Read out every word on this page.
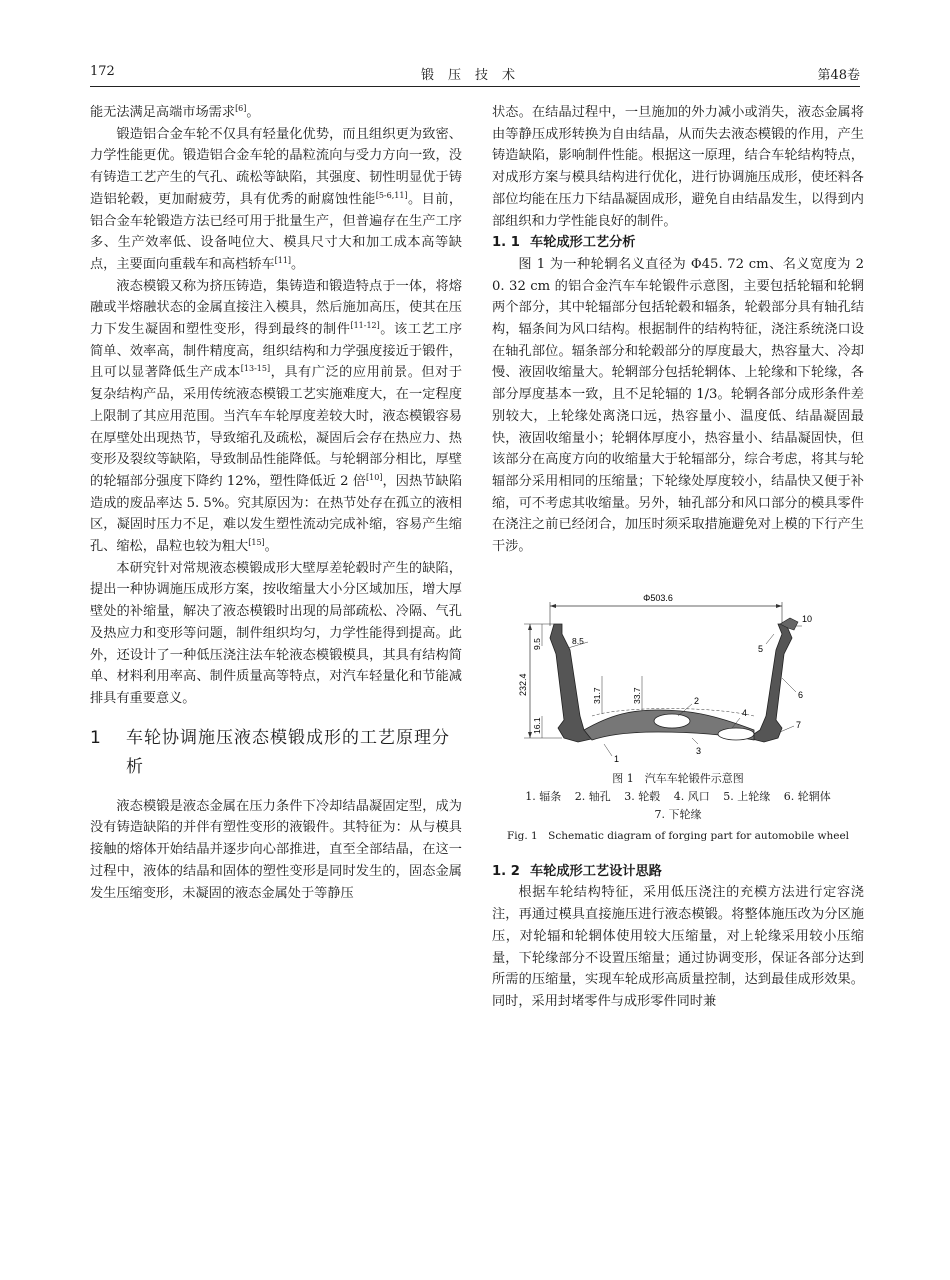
172	锻压技术	第48卷

能无法满足高端市场需求[6]。

锻造铝合金车轮不仅具有轻量化优势，而且组织更为致密、力学性能更优。锻造铝合金车轮的晶粒流向与受力方向一致，没有铸造工艺产生的气孔、疏松等缺陷，其强度、韧性明显优于铸造铝轮毂，更加耐疲劳，具有优秀的耐腐蚀性能[5-6,11]。目前，铝合金车轮锻造方法已经可用于批量生产，但普遍存在生产工序多、生产效率低、设备吨位大、模具尺寸大和加工成本高等缺点，主要面向重载车和高档轿车[11]。

液态模锻又称为挤压铸造，集铸造和锻造特点于一体，将熔融或半熔融状态的金属直接注入模具，然后施加高压，使其在压力下发生凝固和塑性变形，得到最终的制件[11-12]。该工艺工序简单、效率高，制件精度高，组织结构和力学强度接近于锻件，且可以显著降低生产成本[13-15]，具有广泛的应用前景。但对于复杂结构产品，采用传统液态模锻工艺实施难度大，在一定程度上限制了其应用范围。当汽车车轮厚度差较大时，液态模锻容易在厚壁处出现热节，导致缩孔及疏松，凝固后会存在热应力、热变形及裂纹等缺陷，导致制品性能降低。与轮辋部分相比，厚壁的轮辐部分强度下降约 12%，塑性降低近 2 倍[10]，因热节缺陷造成的废品率达 5. 5%。究其原因为：在热节处存在孤立的液相区，凝固时压力不足，难以发生塑性流动完成补缩，容易产生缩孔、缩松，晶粒也较为粗大[15]。

本研究针对常规液态模锻成形大壁厚差轮毂时产生的缺陷，提出一种协调施压成形方案，按收缩量大小分区域加压，增大厚壁处的补缩量，解决了液态模锻时出现的局部疏松、冷隔、气孔及热应力和变形等问题，制件组织均匀，力学性能得到提高。此外，还设计了一种低压浇注法车轮液态模锻模具，其具有结构简单、材料利用率高、制件质量高等特点，对汽车轻量化和节能减排具有重要意义。

1	车轮协调施压液态模锻成形的工艺原理分析

液态模锻是液态金属在压力条件下冷却结晶凝固定型，成为没有铸造缺陷的并伴有塑性变形的液锻件。其特征为：从与模具接触的熔体开始结晶并逐步向心部推进，直至全部结晶，在这一过程中，液体的结晶和固体的塑性变形是同时发生的，固态金属发生压缩变形，未凝固的液态金属处于等静压

状态。在结晶过程中，一旦施加的外力减小或消失，液态金属将由等静压成形转换为自由结晶，从而失去液态模锻的作用，产生铸造缺陷，影响制件性能。根据这一原理，结合车轮结构特点，对成形方案与模具结构进行优化，进行协调施压成形，使坯料各部位均能在压力下结晶凝固成形，避免自由结晶发生，以得到内部组织和力学性能良好的制件。

1. 1 车轮成形工艺分析

图 1 为一种轮辋名义直径为 Φ45. 72 cm、名义宽度为 20. 32 cm 的铝合金汽车车轮锻件示意图，主要包括轮辐和轮辋两个部分，其中轮辐部分包括轮毂和辐条，轮毂部分具有轴孔结构，辐条间为风口结构。根据制件的结构特征，浇注系统浇口设在轴孔部位。辐条部分和轮毂部分的厚度最大，热容量大、冷却慢、液固收缩量大。轮辋部分包括轮辋体、上轮缘和下轮缘，各部分厚度基本一致，且不足轮辐的 1/3。轮辋各部分成形条件差别较大，上轮缘处离浇口远，热容量小、温度低、结晶凝固最快，液固收缩量小；轮辋体厚度小，热容量小、结晶凝固快，但该部分在高度方向的收缩量大于轮辐部分，综合考虑，将其与轮辐部分采用相同的压缩量；下轮缘处厚度较小，结晶快又便于补缩，可不考虑其收缩量。另外，轴孔部分和风口部分的模具零件在浇注之前已经闭合，加压时须采取措施避免对上模的下行产生干涉。

Φ503.6
10
232.4
9.5
16.1
8.5
31.7	33.7
1
2
3
4
5
6
7

图 1　汽车车轮锻件示意图

1. 辐条 2. 轴孔 3. 轮毂 4. 风口 5. 上轮缘 6. 轮辋体
7. 下轮缘

Fig. 1　Schematic diagram of forging part for automobile wheel

1. 2 车轮成形工艺设计思路

根据车轮结构特征，采用低压浇注的充模方法进行定容浇注，再通过模具直接施压进行液态模锻。将整体施压改为分区施压，对轮辐和轮辋体使用较大压缩量，对上轮缘采用较小压缩量，下轮缘部分不设置压缩量；通过协调变形，保证各部分达到所需的压缩量，实现车轮成形高质量控制，达到最佳成形效果。同时，采用封堵零件与成形零件同时兼
